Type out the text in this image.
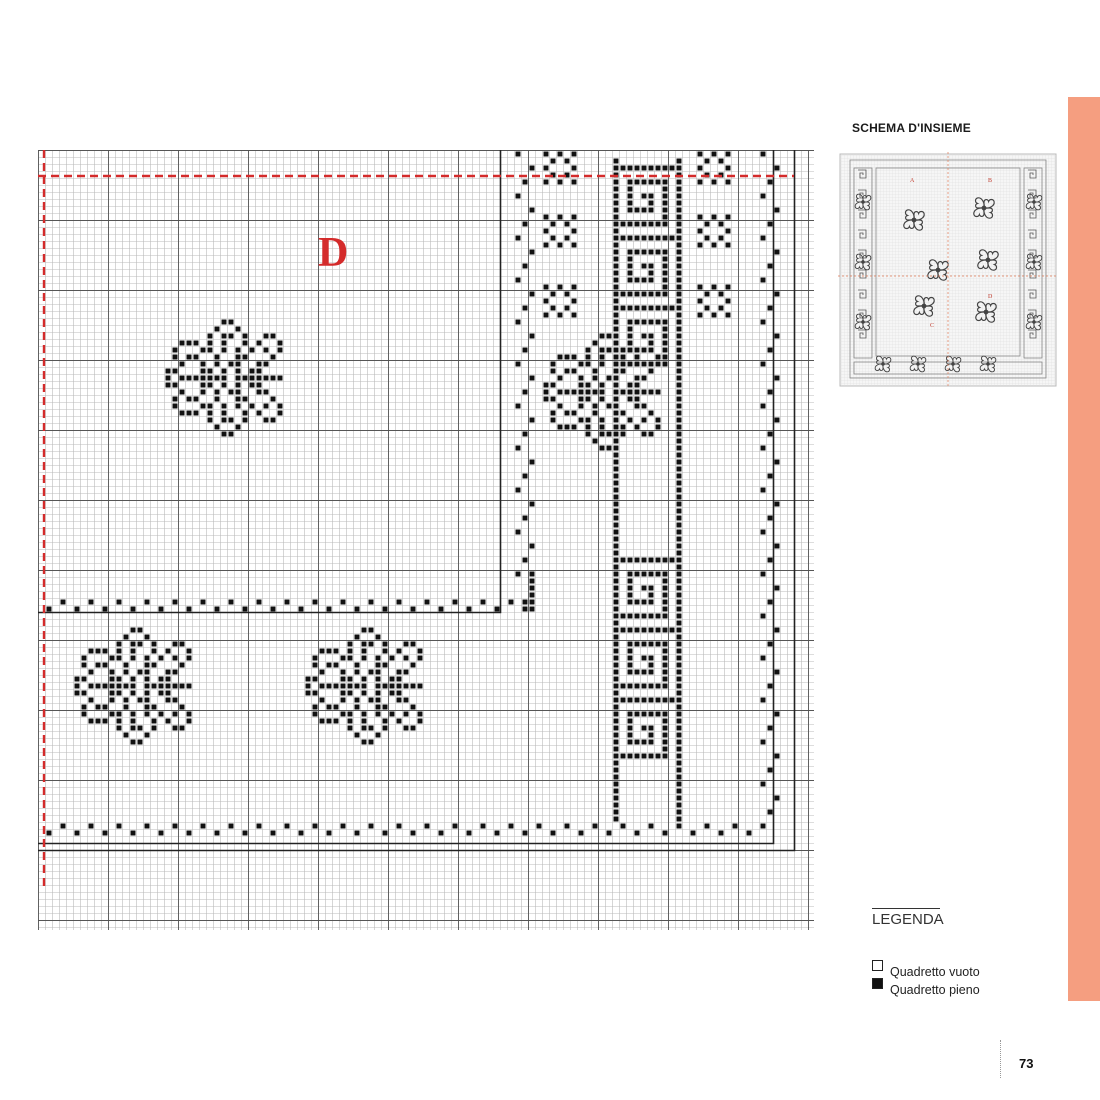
D
SCHEMA D'INSIEME
A	B
C
D
LEGENDA
Quadretto vuoto
Quadretto pieno
73
